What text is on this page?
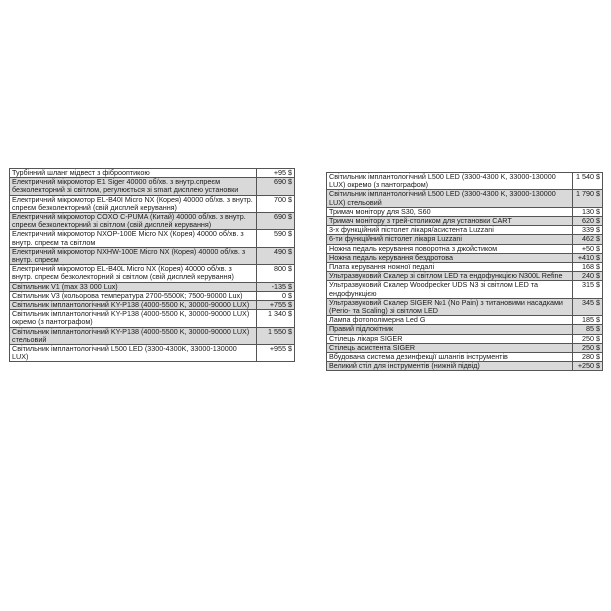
Турбінний шланг мідвест з фіброоптикою	+95 $
Електричний мікромотор E1 Siger 40000 об/хв. з внутр.спреєм безколекторний зі світлом, регулюється зі smart дисплею установки	690 $
Електричний мікромотор EL-B40I Micro NX (Корея) 40000 об/хв. з внутр. спреєм безколекторний (свій дисплей керування)	700 $
Електричний мікромотор COXO C-PUMA (Китай) 40000 об/хв. з внутр. спреєм безколекторний зі світлом (свій дисплей керування)	690 $
Електричний мікромотор NXOP-100E Micro NX (Корея) 40000 об/хв. з внутр. спреєм та світлом	590 $
Електричний мікромотор NXHW-100E Micro NX (Корея) 40000 об/хв. з внутр. спреєм	490 $
Електричний мікромотор EL-B40L Micro NX (Корея) 40000 об/хв. з внутр. спреєм безколекторний зі світлом (свій дисплей керування)	800 $
Світильник V1 (max 33 000 Lux)	-135 $
Світильник V3 (кольорова температура 2700-5500К; 7500-90000 Lux)	0 $
Світильник імплантологічний KY-P138 (4000-5500 K, 30000-90000 LUX)	+755 $
Світильник імплантологічний KY-P138 (4000-5500 K, 30000-90000 LUX) окремо (з пантографом)	1 340 $
Світильник імплантологічний KY-P138 (4000-5500 K, 30000-90000 LUX) стельовий	1 550 $
Світильник імплантологічний L500 LED (3300-4300K, 33000-130000 LUX)	+955 $
Світильник імплантологічний L500 LED (3300-4300 K, 33000-130000 LUX) окремо (з пантографом)	1 540 $
Світильник імплантологічний L500 LED (3300-4300 K, 33000-130000 LUX) стельовий	1 790 $
Тримач монітору для S30, S60	130 $
Тримач монітору з трей-столиком для установки CART	620 $
3-х функційний пістолет лікаря/асистента Luzzani	339 $
6-ти функційний пістолет лікаря Luzzani	462 $
Ножна педаль керування поворотна з джойстиком	+50 $
Ножна педаль керування бездротова	+410 $
Плата керування ножної педалі	168 $
Ультразвуковий Скалер зі світлом LED та ендофункцією N300L Refine	240 $
Ультразвуковий Скалер Woodpecker UDS N3 зі світлом LED та ендофункцією	315 $
Ультразвуковий Скалер SIGER №1 (No Pain) з титановими насадками (Perio- та Scaling) зі світлом LED	345 $
Лампа фотополімерна Led G	185 $
Правий підлокітник	85 $
Стілець лікаря SIGER	250 $
Стілець асистента SIGER	250 $
Вбудована система дезинфекції шлангів інструментів	280 $
Великий стіл для інструментів (нижній підвід)	+250 $
